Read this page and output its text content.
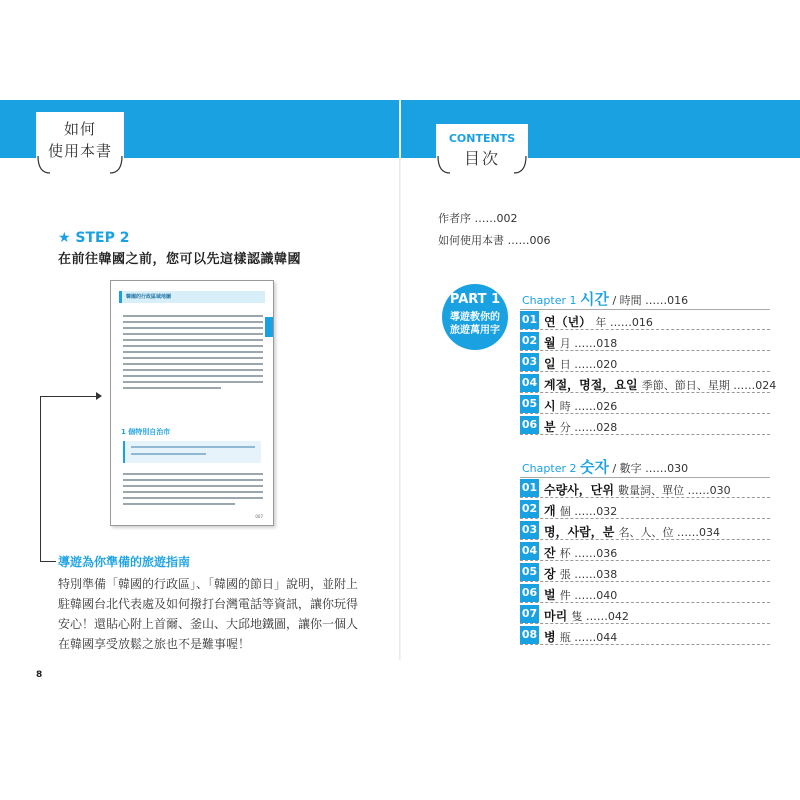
如何
使用本書
CONTENTS
目次
★ STEP 2
在前往韓國之前，您可以先這樣認識韓國
韓國的行政區域地圖
1 個特別自治市
007
導遊為你準備的旅遊指南
特別準備「韓國的行政區」、「韓國的節日」說明，並附上駐韓國台北代表處及如何撥打台灣電話等資訊，讓你玩得安心！還貼心附上首爾、釜山、大邱地鐵圖，讓你一個人在韓國享受放鬆之旅也不是難事喔！
8
作者序 ……002
如何使用本書 ……006
PART 1
導遊教你的
旅遊萬用字
Chapter 1 시간 / 時間 ……016
01 연（년） 年 ……016
02 월 月 ……018
03 일 日 ……020
04 계절，명절，요일 季節、節日、星期 ……024
05 시 時 ……026
06 분 分 ……028
Chapter 2 숫자 / 數字 ……030
01 수량사，단위 數量詞、單位 ……030
02 개 個 ……032
03 명，사람，분 名、人、位 ……034
04 잔 杯 ……036
05 장 張 ……038
06 벌 件 ……040
07 마리 隻 ……042
08 병 瓶 ……044
